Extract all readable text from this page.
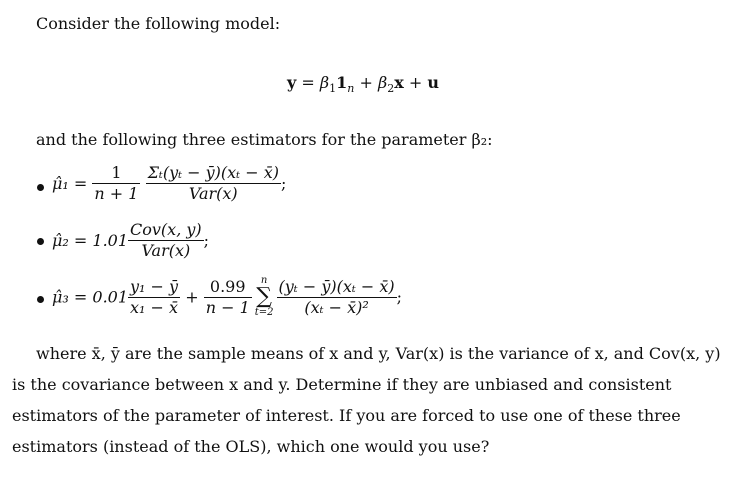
Consider the following model:
$y = \beta_11_n + \beta_2x + u$
and the following three estimators for the parameter β₂:
μ̂₁ = $\frac{1}{n + 1}$
$\frac{\text{Σₜ(yₜ − ȳ)(xₜ − x̄)}}{\text{Var(x)}}$ ;
μ̂₂ = $1.01 \frac{\text{Cov(x, y)}}{\text{Var(x)}}$ ;
μ̂₃ = $0.01 \frac{\text{y₁ − ȳ}}{\text{x₁ − x̄}} + \frac{0.99}{n - 1}$ n
∑
$t=2 \frac{\text{(yₜ − ȳ)(xₜ − x̄)}}{\text{(xₜ − x̄)²}}$ ;
where x̄, ȳ are the sample means of x and y, Var(x) is the variance of x, and Cov(x, y) is the covariance between x and y. Determine if they are unbiased and consistent estimators of the parameter of interest. If you are forced to use one of these three estimators (instead of the OLS), which one would you use?
